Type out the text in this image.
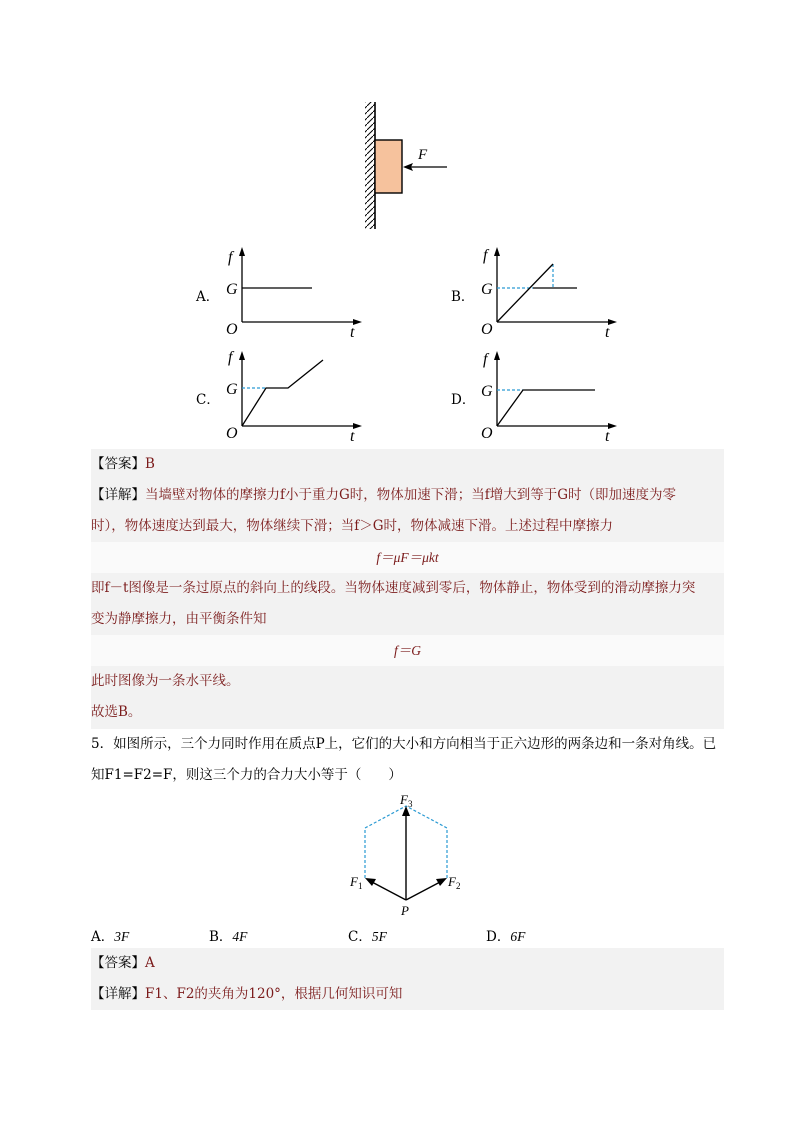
F
A．
f
G
O	t
B．
f
G
O	t
C．
f
G
O	t
D．
f
G
O	t
【答案】B
【详解】当墙壁对物体的摩擦力f小于重力G时，物体加速下滑；当f增大到等于G时（即加速度为零
时），物体速度达到最大，物体继续下滑；当f＞G时，物体减速下滑。上述过程中摩擦力
f＝μF＝μkt
即f－t图像是一条过原点的斜向上的线段。当物体速度减到零后，物体静止，物体受到的滑动摩擦力突
变为静摩擦力，由平衡条件知
f＝G
此时图像为一条水平线。
故选B。
5．如图所示，三个力同时作用在质点P上，它们的大小和方向相当于正六边形的两条边和一条对角线。已
知F1=F2=F，则这三个力的合力大小等于（　　）
$F_3$
$F_1$	$F_2$
P
A．3F	B．4F	C．5F	D．6F
【答案】A
【详解】F1、F2的夹角为120°，根据几何知识可知
